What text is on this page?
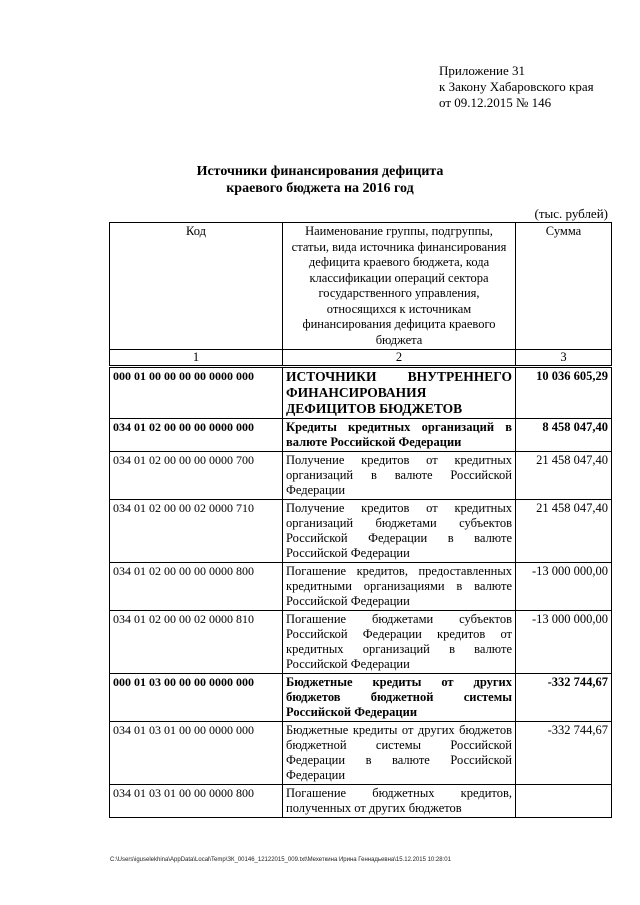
Приложение 31
к Закону Хабаровского края
от 09.12.2015 № 146
Источники финансирования дефицита
краевого бюджета на 2016 год
(тыс. рублей)
Код	Наименование группы, подгруппы, статьи, вида источника финансирования дефицита краевого бюджета, кода классификации операций сектора государственного управления, относящихся к источникам финансирования дефицита краевого бюджета	Сумма
1	2	3
000 01 00 00 00 00 0000 000	ИСТОЧНИКИ ВНУТРЕННЕГО ФИНАНСИРОВАНИЯ ДЕФИЦИТОВ БЮДЖЕТОВ	10 036 605,29
034 01 02 00 00 00 0000 000	Кредиты кредитных организаций в валюте Российской Федерации	8 458 047,40
034 01 02 00 00 00 0000 700	Получение кредитов от кредитных организаций в валюте Российской Федерации	21 458 047,40
034 01 02 00 00 02 0000 710	Получение кредитов от кредитных организаций бюджетами субъектов Российской Федерации в валюте Российской Федерации	21 458 047,40
034 01 02 00 00 00 0000 800	Погашение кредитов, предоставленных кредитными организациями в валюте Российской Федерации	-13 000 000,00
034 01 02 00 00 02 0000 810	Погашение бюджетами субъектов Российской Федерации кредитов от кредитных организаций в валюте Российской Федерации	-13 000 000,00
000 01 03 00 00 00 0000 000	Бюджетные кредиты от других бюджетов бюджетной системы Российской Федерации	-332 744,67
034 01 03 01 00 00 0000 000	Бюджетные кредиты от других бюджетов бюджетной системы Российской Федерации в валюте Российской Федерации	-332 744,67
034 01 03 01 00 00 0000 800	Погашение бюджетных кредитов, полученных от других бюджетов	
C:\Users\iguselekhina\AppData\Local\Temp\ЗК_00146_12122015_009.txt\Мехеткина Ирина Геннадьевна\15.12.2015 10:28:01
